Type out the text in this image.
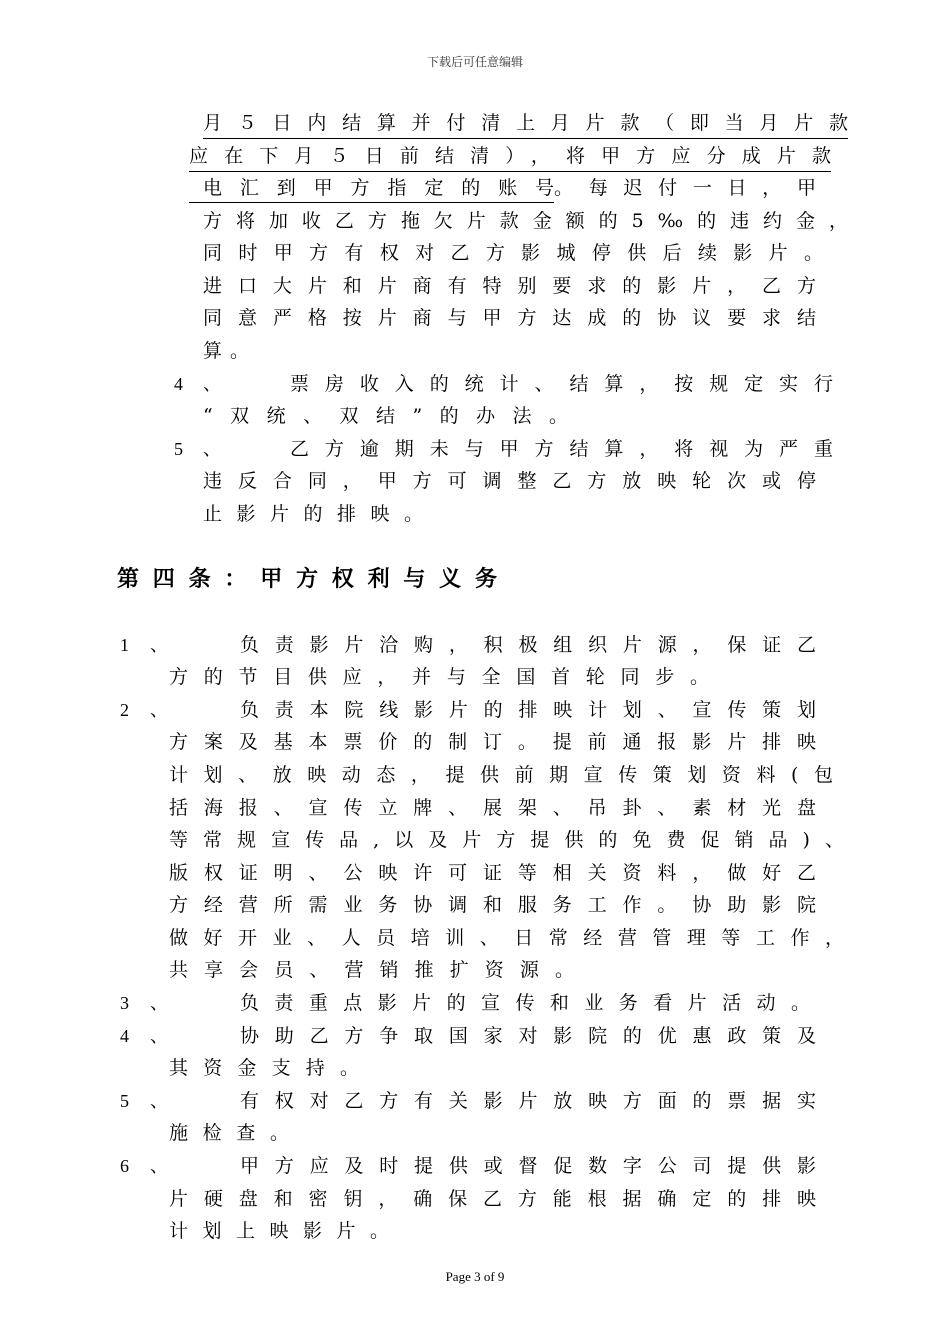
下载后可任意编辑
月５日内结算并付清上月片款（即当月片款
应在下月５日前结清），将甲方应分成片款
电汇到甲方指定的账号 。每迟付一日，甲
方将加收乙方拖欠片款金额的5‰的违约金，
同时甲方有权对乙方影城停供后续影片。
进口大片和片商有特别要求的影片，乙方
同意严格按片商与甲方达成的协议要求结
算。
4 、	票房收入的统计、结算，按规定实行
“双统、双结”的办法。
5 、	乙方逾期未与甲方结算，将视为严重
违反合同，甲方可调整乙方放映轮次或停
止影片的排映。
第四条：甲方权利与义务
1 、	负责影片洽购，积极组织片源，保证乙
方的节目供应，并与全国首轮同步。
2 、	负责本院线影片的排映计划、宣传策划
方案及基本票价的制订。提前通报影片排映
计划、放映动态，提供前期宣传策划资料(包
括海报、宣传立牌、展架、吊卦、素材光盘
等常规宣传品,以及片方提供的免费促销品)、
版权证明、公映许可证等相关资料，做好乙
方经营所需业务协调和服务工作。协助影院
做好开业、人员培训、日常经营管理等工作，
共享会员、营销推扩资源。
3 、	负责重点影片的宣传和业务看片活动。
4 、	协助乙方争取国家对影院的优惠政策及
其资金支持。
5 、	有权对乙方有关影片放映方面的票据实
施检查。
6 、	甲方应及时提供或督促数字公司提供影
片硬盘和密钥，确保乙方能根据确定的排映
计划上映影片。
Page 3 of 9
